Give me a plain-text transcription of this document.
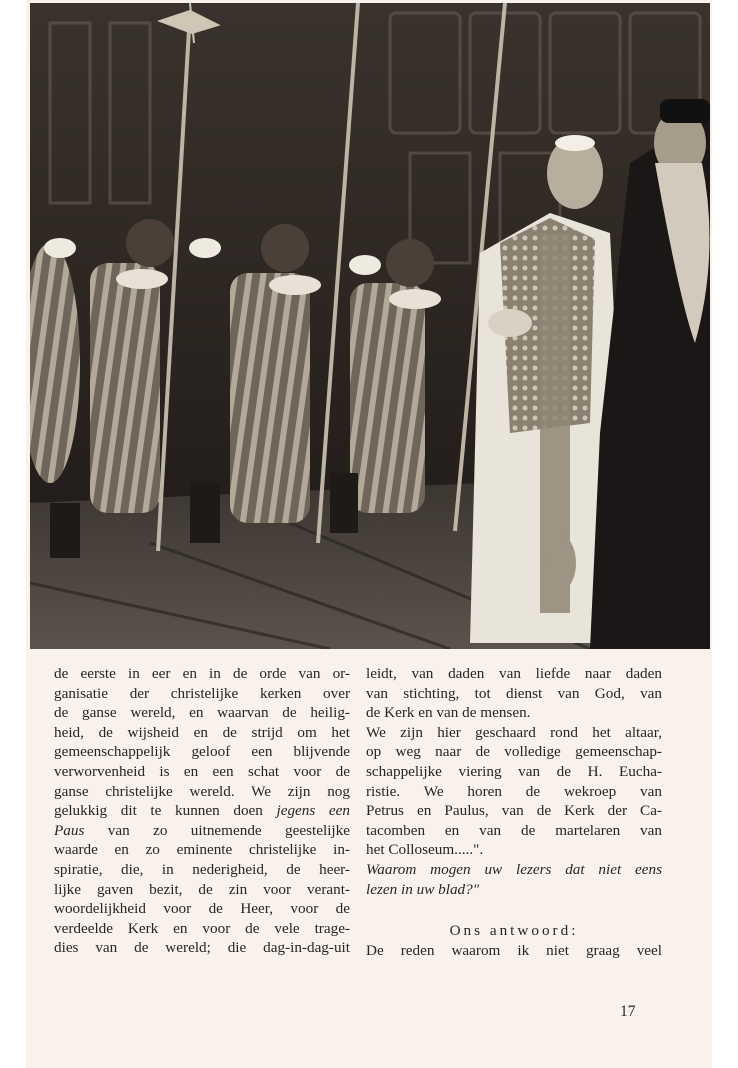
de eerste in eer en in de orde van or-
ganisatie der christelijke kerken over
de ganse wereld, en waarvan de heilig-
heid, de wijsheid en de strijd om het
gemeenschappelijk geloof een blijvende
verworvenheid is en een schat voor de
ganse christelijke wereld. We zijn nog
gelukkig dit te kunnen doen jegens een
Paus van zo uitnemende geestelijke
waarde en zo eminente christelijke in-
spiratie, die, in nederigheid, de heer-
lijke gaven bezit, de zin voor verant-
woordelijkheid voor de Heer, voor de
verdeelde Kerk en voor de vele trage-
dies van de wereld; die dag-in-dag-uit

leidt, van daden van liefde naar daden
van stichting, tot dienst van God, van
de Kerk en van de mensen.
We zijn hier geschaard rond het altaar,
op weg naar de volledige gemeenschap-
schappelijke viering van de H. Eucha-
ristie. We horen de wekroep van
Petrus en Paulus, van de Kerk der Ca-
tacomben en van de martelaren van
het Colloseum.....".
Waarom mogen uw lezers dat niet eens
lezen in uw blad?"

Ons antwoord:

De reden waarom ik niet graag veel

17
